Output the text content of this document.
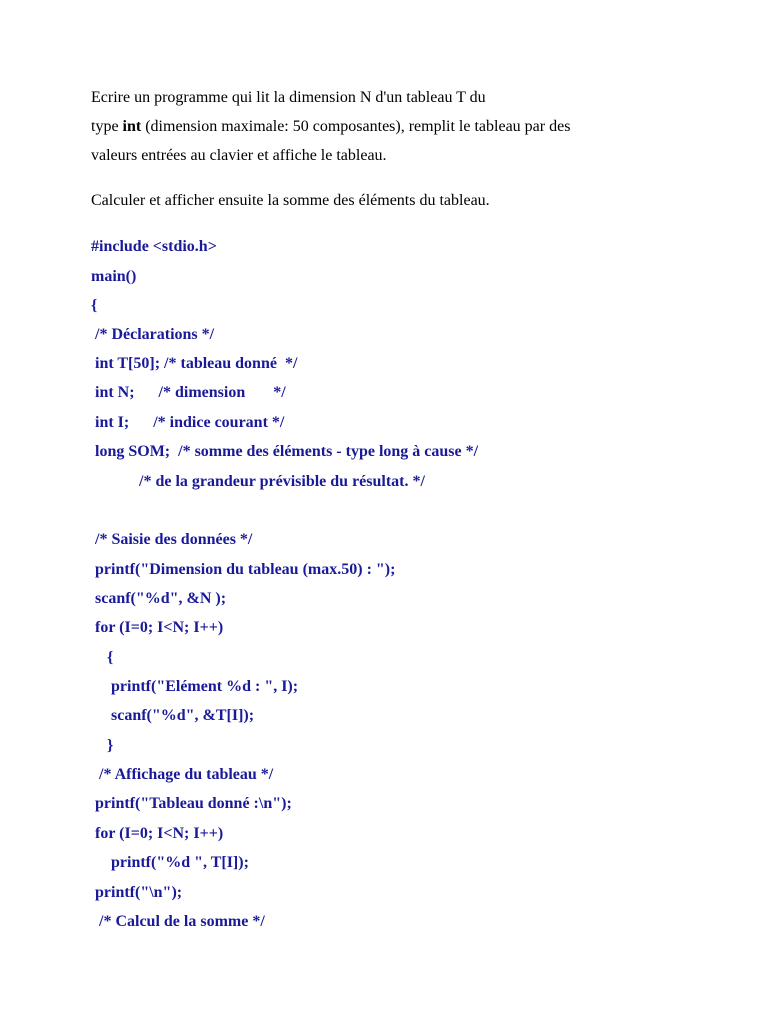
Ecrire un programme qui lit la dimension N d'un tableau T du
type int (dimension maximale: 50 composantes), remplit le tableau par des
valeurs entrées au clavier et affiche le tableau.
Calculer et afficher ensuite la somme des éléments du tableau.
#include <stdio.h>
main()
{
/* Déclarations */
int T[50]; /* tableau donné  */
int N;      /* dimension       */
int I;      /* indice courant */
long SOM;  /* somme des éléments - type long à cause */
/* de la grandeur prévisible du résultat. */
/* Saisie des données */
printf("Dimension du tableau (max.50) : ");
scanf("%d", &N );
for (I=0; I<N; I++)
{
printf("Elément %d : ", I);
scanf("%d", &T[I]);
}
/* Affichage du tableau */
printf("Tableau donné :\n");
for (I=0; I<N; I++)
printf("%d ", T[I]);
printf("\n");
/* Calcul de la somme */
